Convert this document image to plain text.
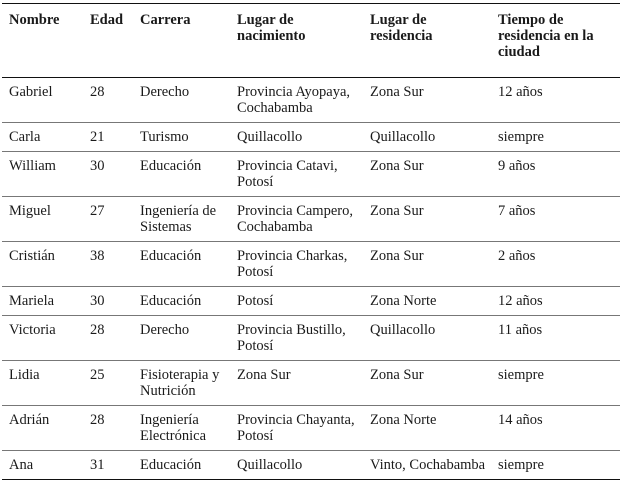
Nombre	Edad	Carrera	Lugar de nacimiento	Lugar de residencia	Tiempo de residencia en la ciudad
Gabriel	28	Derecho	Provincia Ayopaya, Cochabamba	Zona Sur	12 años
Carla	21	Turismo	Quillacollo	Quillacollo	siempre
William	30	Educación	Provincia Catavi, Potosí	Zona Sur	9 años
Miguel	27	Ingeniería de Sistemas	Provincia Campero, Cochabamba	Zona Sur	7 años
Cristián	38	Educación	Provincia Charkas, Potosí	Zona Sur	2 años
Mariela	30	Educación	Potosí	Zona Norte	12 años
Victoria	28	Derecho	Provincia Bustillo, Potosí	Quillacollo	11 años
Lidia	25	Fisioterapia y Nutrición	Zona Sur	Zona Sur	siempre
Adrián	28	Ingeniería Electrónica	Provincia Chayanta, Potosí	Zona Norte	14 años
Ana	31	Educación	Quillacollo	Vinto, Cochabamba	siempre
